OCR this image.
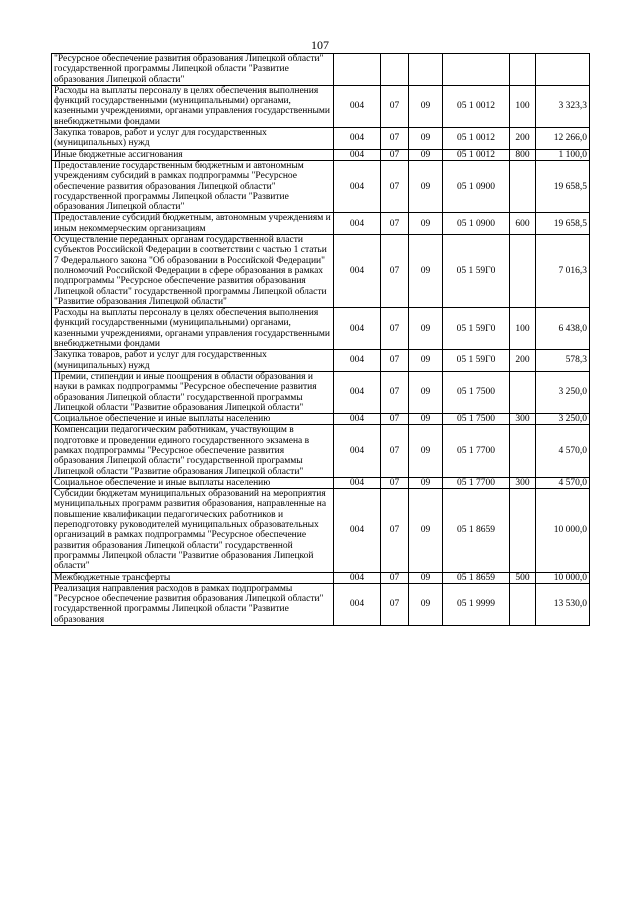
107
"Ресурсное обеспечение развития образования Липецкой области" государственной программы Липецкой области "Развитие образования Липецкой области"						
Расходы на выплаты персоналу в целях обеспечения выполнения функций государственными (муниципальными) органами, казенными учреждениями, органами управления государственными внебюджетными фондами	004	07	09	05 1 0012	100	3 323,3
Закупка товаров, работ и услуг для государственных (муниципальных) нужд	004	07	09	05 1 0012	200	12 266,0
Иные бюджетные ассигнования	004	07	09	05 1 0012	800	1 100,0
Предоставление государственным бюджетным и автономным учреждениям субсидий в рамках подпрограммы "Ресурсное обеспечение развития образования Липецкой области" государственной программы Липецкой области "Развитие образования Липецкой области"	004	07	09	05 1 0900		19 658,5
Предоставление субсидий бюджетным, автономным учреждениям и иным некоммерческим организациям	004	07	09	05 1 0900	600	19 658,5
Осуществление переданных органам государственной власти субъектов Российской Федерации в соответствии с частью 1 статьи 7 Федерального закона "Об образовании в Российской Федерации" полномочий Российской Федерации в сфере образования в рамках подпрограммы "Ресурсное обеспечение развития образования Липецкой области" государственной программы Липецкой области "Развитие образования Липецкой области"	004	07	09	05 1 59Г0		7 016,3
Расходы на выплаты персоналу в целях обеспечения выполнения функций государственными (муниципальными) органами, казенными учреждениями, органами управления государственными внебюджетными фондами	004	07	09	05 1 59Г0	100	6 438,0
Закупка товаров, работ и услуг для государственных (муниципальных) нужд	004	07	09	05 1 59Г0	200	578,3
Премии, стипендии и иные поощрения в области образования и науки в рамках подпрограммы "Ресурсное обеспечение развития образования Липецкой области" государственной программы Липецкой области "Развитие образования Липецкой области"	004	07	09	05 1 7500		3 250,0
Социальное обеспечение и иные выплаты населению	004	07	09	05 1 7500	300	3 250,0
Компенсации педагогическим работникам, участвующим в подготовке и проведении единого государственного экзамена в рамках подпрограммы "Ресурсное обеспечение развития образования Липецкой области" государственной программы Липецкой области "Развитие образования Липецкой области"	004	07	09	05 1 7700		4 570,0
Социальное обеспечение и иные выплаты населению	004	07	09	05 1 7700	300	4 570,0
Субсидии бюджетам муниципальных образований на мероприятия муниципальных программ развития образования, направленные на повышение квалификации педагогических работников и переподготовку руководителей муниципальных образовательных организаций в рамках подпрограммы "Ресурсное обеспечение развития образования Липецкой области" государственной программы Липецкой области "Развитие образования Липецкой области"	004	07	09	05 1 8659		10 000,0
Межбюджетные трансферты	004	07	09	05 1 8659	500	10 000,0
Реализация направления расходов в рамках подпрограммы "Ресурсное обеспечение развития образования Липецкой области" государственной программы Липецкой области "Развитие образования	004	07	09	05 1 9999		13 530,0
